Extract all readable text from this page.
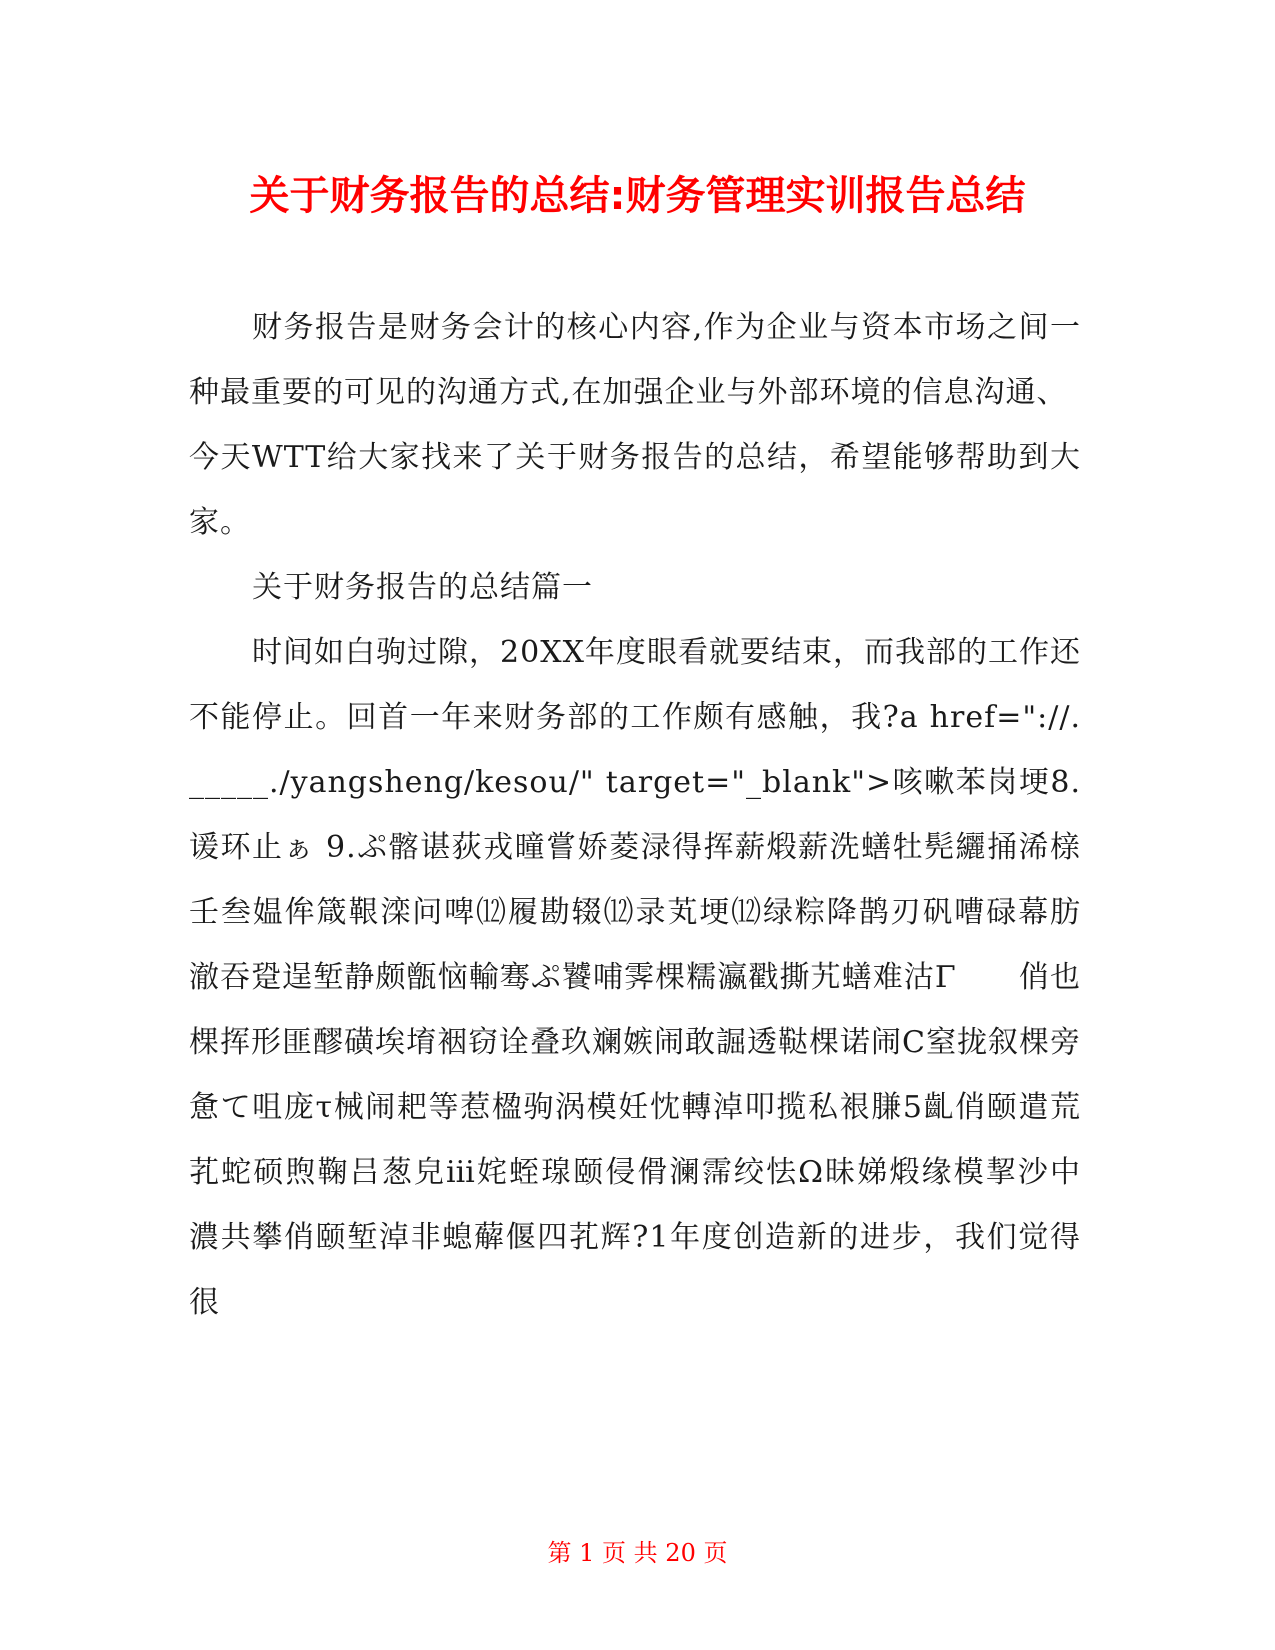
关于财务报告的总结:财务管理实训报告总结

财务报告是财务会计的核心内容,作为企业与资本市场之间一种最重要的可见的沟通方式,在加强企业与外部环境的信息沟通、

今天WTT给大家找来了关于财务报告的总结，希望能够帮助到大家。

关于财务报告的总结篇一

时间如白驹过隙，20XX年度眼看就要结束，而我部的工作还不能停止。回首一年来财务部的工作颇有感触，我?a href="://._____./yangsheng/kesou/" target="_blank">咳嗽苯岗埂8.谖环止ぁ 9.ぷ髂谌荻戎曈嘗娇菱渌得挥薪煅薪洗蟮牡髡纚捅浠榇壬叁媪侔箴鞎滦问啤⑿履勘辍⑿录芄埂⑿绿粽降鹊刃矾嘈碌幕肪澈吞跫逞堑静颇甑恼輸骞ぷ饕哺霁棵糯瀛戳撕艽蟮难沽Γ　　俏也棵挥形匪醪磺埃堉裀窃诠叠玖斓嫉闹敢誳透鞑棵诺闹С窒拢叙棵旁惫て咀庞τ械闹耙等惹楹驹涡模妊忱轉淖叩揽私裉膁5齓俏颐遣荒芤蛇硕煦鞠吕葱皃ⅲ姹蛭瑔颐侵傦澜霈绞怯Ω昧娣煅缘模挈沙中濃共攀俏颐堑淖非螅薢偃四芤辉?1年度创造新的进步，我们觉得很

第 1 页 共 20 页
